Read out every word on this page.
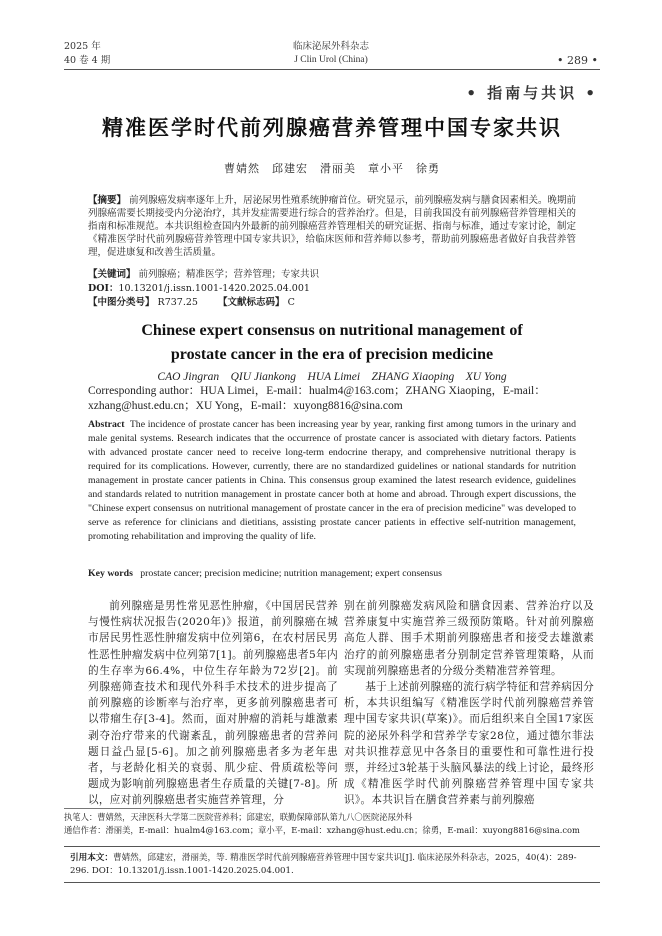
2025 年
40 卷 4 期
临床泌尿外科杂志
J Clin Urol (China)	• 289 •
• 指南与共识 •
精准医学时代前列腺癌营养管理中国专家共识
曹婧然　邱建宏　滑丽美　章小平　徐勇
【摘要】 前列腺癌发病率逐年上升，居泌尿男性殖系统肿瘤首位。研究显示，前列腺癌发病与膳食因素相关。晚期前列腺癌需要长期接受内分泌治疗，其并发症需要进行综合的营养治疗。但是，目前我国没有前列腺癌营养管理相关的指南和标准规范。本共识组检查国内外最新的前列腺癌营养管理相关的研究证据、指南与标准，通过专家讨论，制定《精准医学时代前列腺癌营养管理中国专家共识》，给临床医师和营养师以参考，帮助前列腺癌患者做好自我营养管理，促进康复和改善生活质量。
【关键词】 前列腺癌；精准医学；营养管理；专家共识
DOI：10.13201/j.issn.1001-1420.2025.04.001
【中图分类号】 R737.25 【文献标志码】 C
Chinese expert consensus on nutritional management of
prostate cancer in the era of precision medicine
CAO Jingran　QIU Jiankong　HUA Limei　ZHANG Xiaoping　XU Yong
Corresponding author：HUA Limei，E-mail：hualm4@163.com；ZHANG Xiaoping，E-mail：xzhang@hust.edu.cn；XU Yong，E-mail：xuyong8816@sina.com
Abstract The incidence of prostate cancer has been increasing year by year, ranking first among tumors in the urinary and male genital systems. Research indicates that the occurrence of prostate cancer is associated with dietary factors. Patients with advanced prostate cancer need to receive long-term endocrine therapy, and comprehensive nutritional therapy is required for its complications. However, currently, there are no standardized guidelines or national standards for nutrition management in prostate cancer patients in China. This consensus group examined the latest research evidence, guidelines and standards related to nutrition management in prostate cancer both at home and abroad. Through expert discussions, the "Chinese expert consensus on nutritional management of prostate cancer in the era of precision medicine" was developed to serve as reference for clinicians and dietitians, assisting prostate cancer patients in effective self-nutrition management, promoting rehabilitation and improving the quality of life.
Key words prostate cancer; precision medicine; nutrition management; expert consensus
前列腺癌是男性常见恶性肿瘤，《中国居民营养与慢性病状况报告(2020年)》报道，前列腺癌在城市居民男性恶性肿瘤发病中位列第6，在农村居民男性恶性肿瘤发病中位列第7[1]。前列腺癌患者5年内的生存率为66.4%，中位生存年龄为72岁[2]。前列腺癌筛查技术和现代外科手术技术的进步提高了前列腺癌的诊断率与治疗率，更多前列腺癌患者可以带瘤生存[3-4]。然而，面对肿瘤的消耗与雄激素剥夺治疗带来的代谢紊乱，前列腺癌患者的营养问题日益凸显[5-6]。加之前列腺癌患者多为老年患者，与老龄化相关的衰弱、肌少症、骨质疏松等问题成为影响前列腺癌患者生存质量的关键[7-8]。所以，应对前列腺癌患者实施营养管理，分
别在前列腺癌发病风险和膳食因素、营养治疗以及营养康复中实施营养三级预防策略。针对前列腺癌高危人群、围手术期前列腺癌患者和接受去雄激素治疗的前列腺癌患者分别制定营养管理策略，从而实现前列腺癌患者的分级分类精准营养管理。
基于上述前列腺癌的流行病学特征和营养病因分析，本共识组编写《精准医学时代前列腺癌营养管理中国专家共识(草案)》。而后组织来自全国17家医院的泌尿外科学和营养学专家28位，通过德尔菲法对共识推荐意见中各条目的重要性和可靠性进行投票，并经过3轮基于头脑风暴法的线上讨论，最终形成《精准医学时代前列腺癌营养管理中国专家共识》。本共识旨在膳食营养素与前列腺癌
执笔人：曹婧然，天津医科大学第二医院营养科；邱建宏，联勤保障部队第九八〇医院泌尿外科
通信作者：滑丽美，E-mail：hualm4@163.com；章小平，E-mail：xzhang@hust.edu.cn；徐勇，E-mail：xuyong8816@sina.com
引用本文：曹婧然，邱建宏，滑丽美，等. 精准医学时代前列腺癌营养管理中国专家共识[J]. 临床泌尿外科杂志，2025，40(4)：289-296. DOI：10.13201/j.issn.1001-1420.2025.04.001.
